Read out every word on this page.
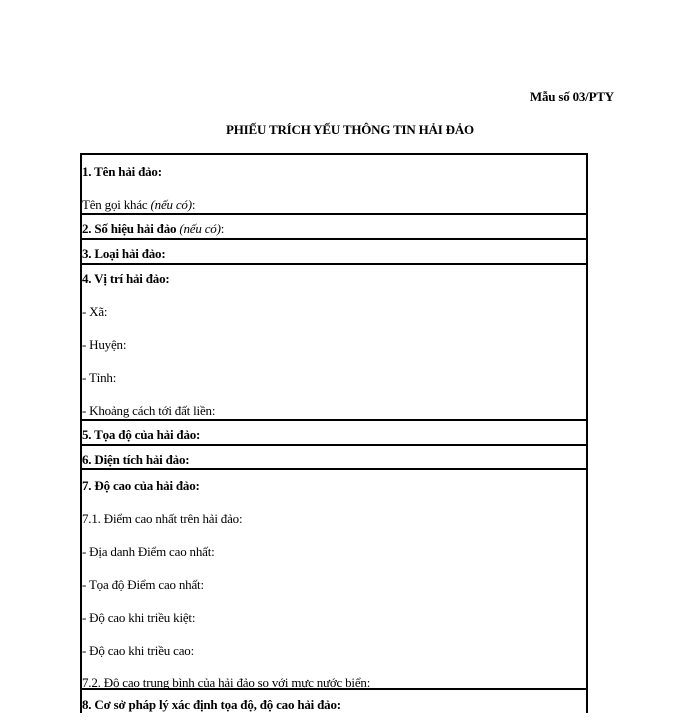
Mẫu số 03/PTY
PHIẾU TRÍCH YẾU THÔNG TIN HẢI ĐẢO
1. Tên hải đảo:
Tên gọi khác (nếu có):
2. Số hiệu hải đảo (nếu có):
3. Loại hải đảo:
4. Vị trí hải đảo:
- Xã:
- Huyện:
- Tỉnh:
- Khoảng cách tới đất liền:
5. Tọa độ của hải đảo:
6. Diện tích hải đảo:
7. Độ cao của hải đảo:
7.1. Điểm cao nhất trên hải đảo:
- Địa danh Điểm cao nhất:
- Tọa độ Điểm cao nhất:
- Độ cao khi triều kiệt:
- Độ cao khi triều cao:
7.2. Độ cao trung bình của hải đảo so với mực nước biển:
8. Cơ sở pháp lý xác định tọa độ, độ cao hải đảo:
